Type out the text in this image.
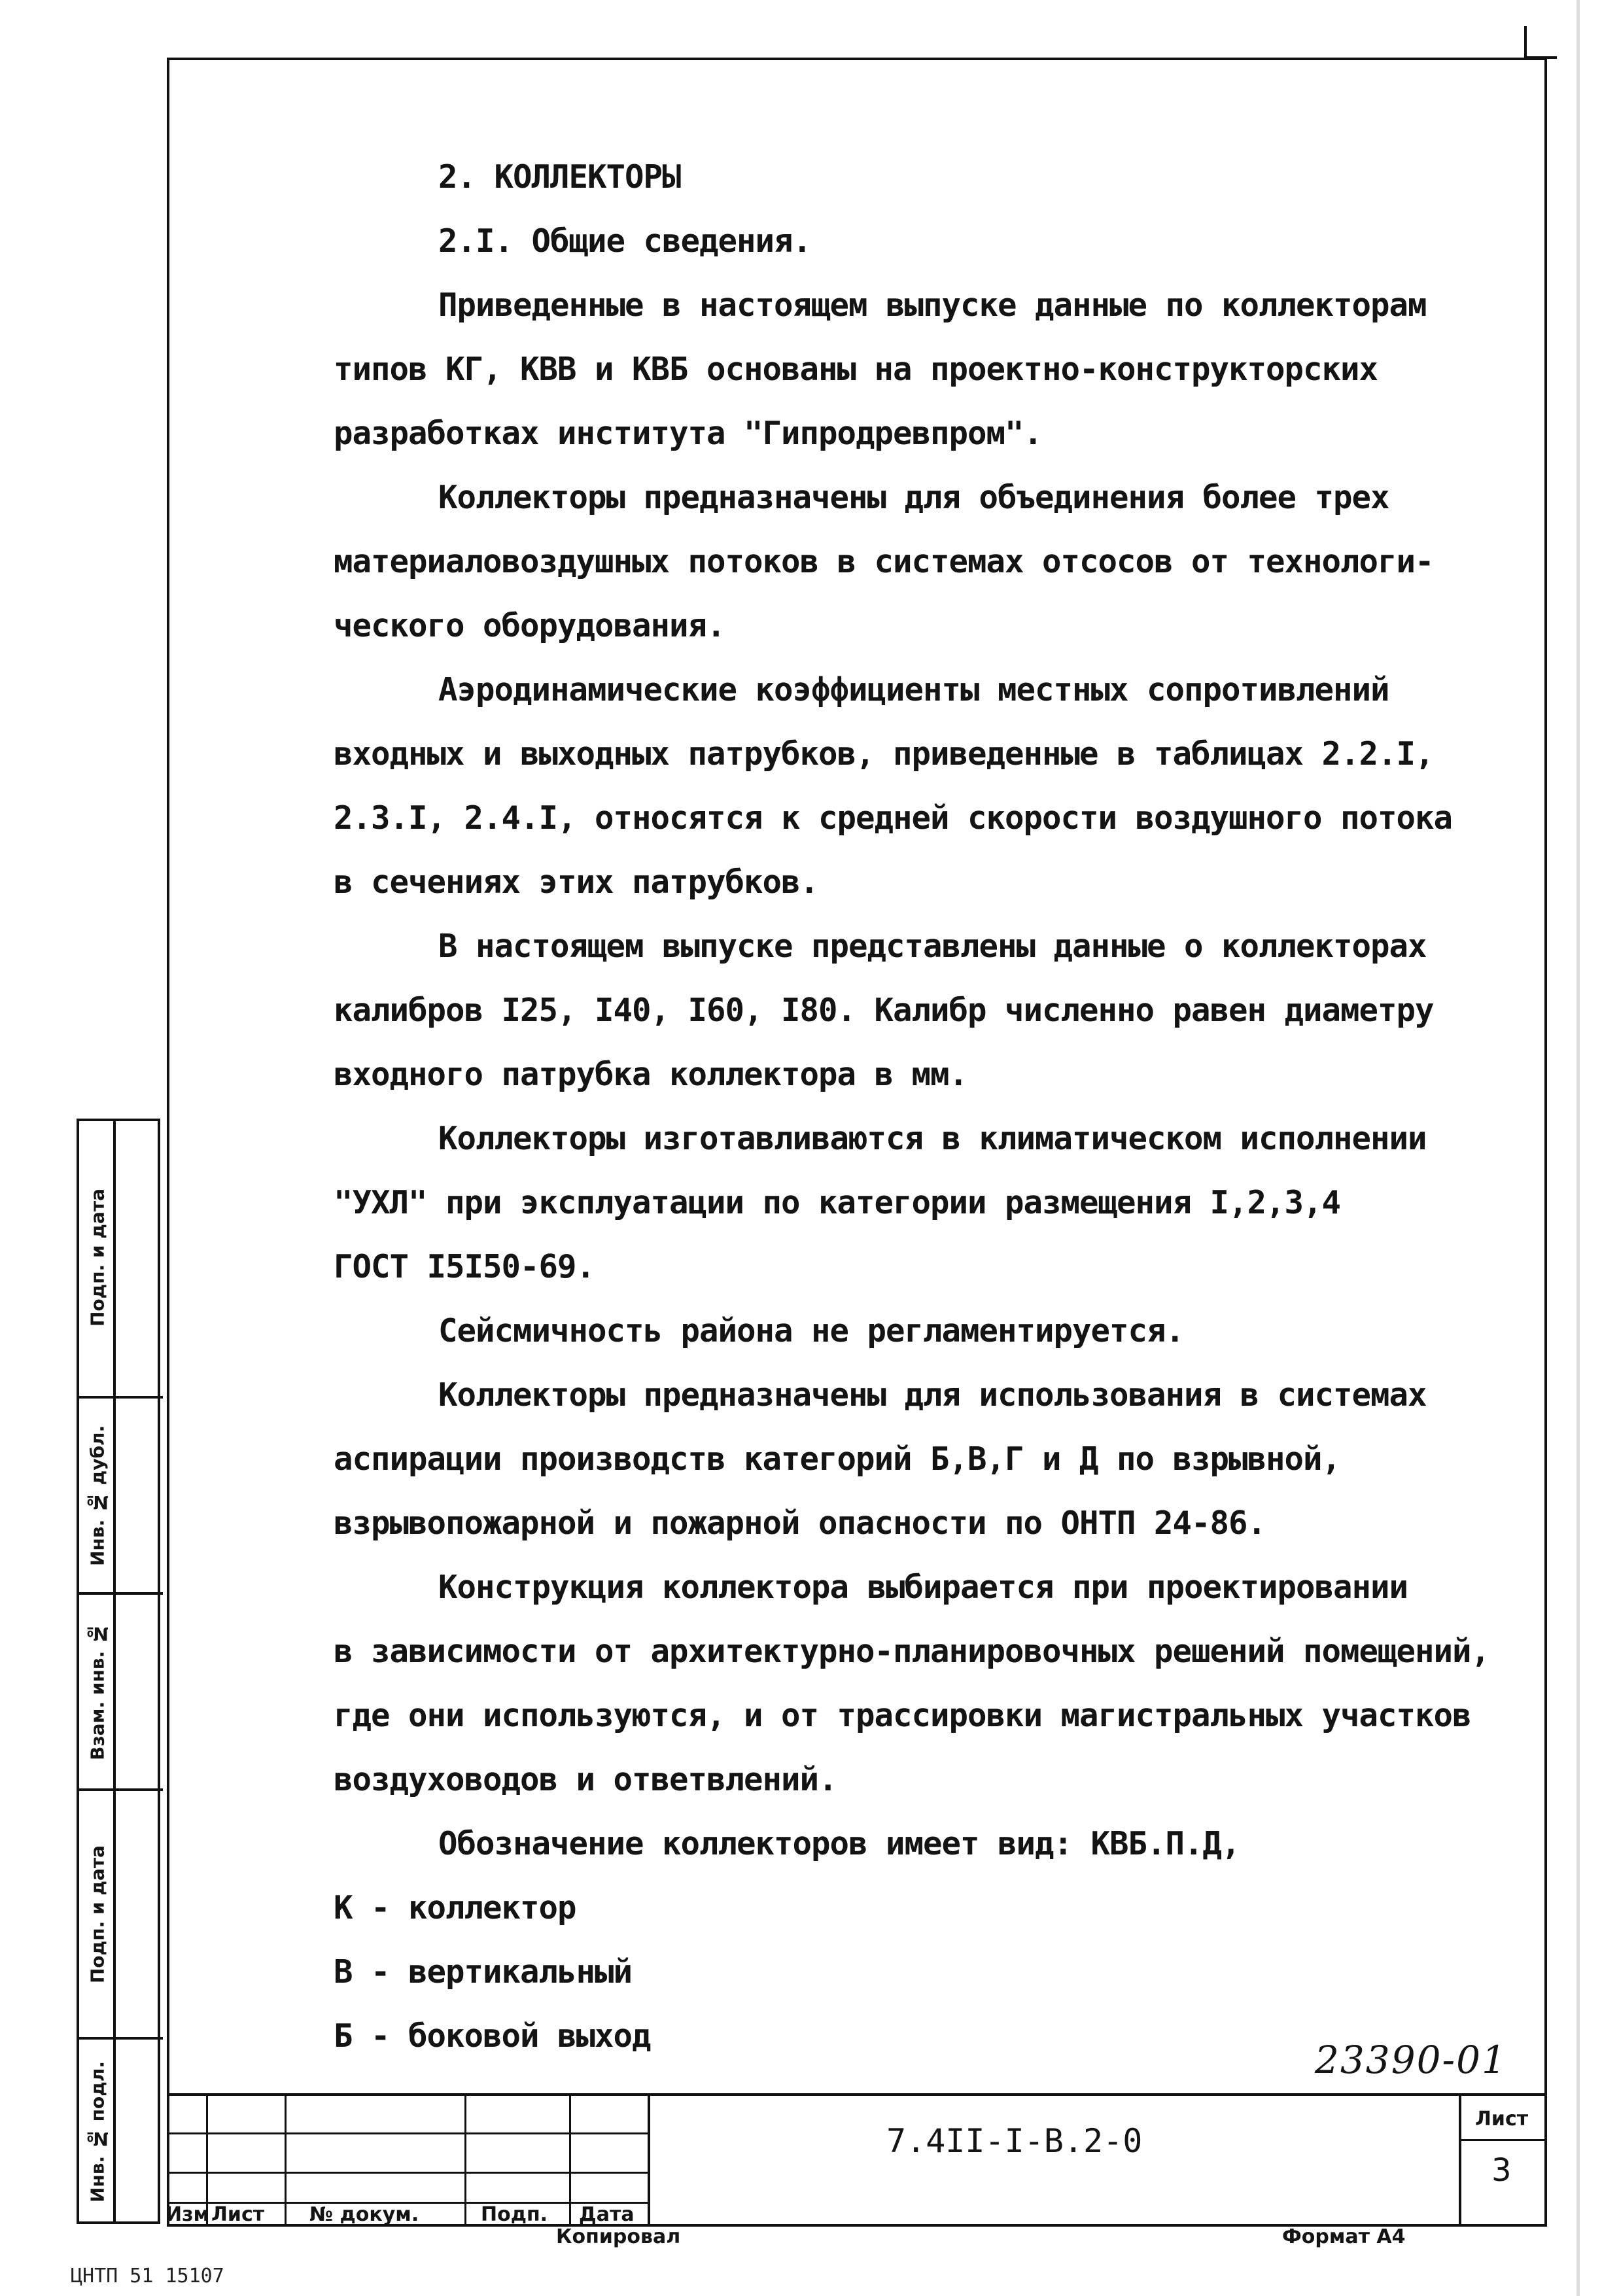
2. КОЛЛЕКТОРЫ

2.I. Общие сведения.

Приведенные в настоящем выпуске данные по коллекторам

типов КГ, КВВ и КВБ основаны на проектно-конструкторских

разработках института "Гипродревпром".

Коллекторы предназначены для объединения более трех

материаловоздушных потоков в системах отсосов от технологи-

ческого оборудования.

Аэродинамические коэффициенты местных сопротивлений

входных и выходных патрубков, приведенные в таблицах 2.2.I,

2.3.I, 2.4.I, относятся к средней скорости воздушного потока

в сечениях этих патрубков.

В настоящем выпуске представлены данные о коллекторах

калибров I25, I40, I60, I80. Калибр численно равен диаметру

входного патрубка коллектора в мм.

Коллекторы изготавливаются в климатическом исполнении

"УХЛ" при эксплуатации по категории размещения I,2,3,4

ГОСТ I5I50-69.

Сейсмичность района не регламентируется.

Коллекторы предназначены для использования в системах

аспирации производств категорий Б,В,Г и Д по взрывной,

взрывопожарной и пожарной опасности по ОНТП 24-86.

Конструкция коллектора выбирается при проектировании

в зависимости от архитектурно-планировочных решений помещений,

где они используются, и от трассировки магистральных участков

воздуховодов и ответвлений.

Обозначение коллекторов имеет вид: КВБ.П.Д,

К - коллектор

В - вертикальный

Б - боковой выход

Подп. и дата
Инв. № дубл.
Взам. инв. №
Подп. и дата
Инв. № подл.
23390-01
7.4II-I-В.2-0
Лист
3
Изм Лист № докум.	Подп. Дата
Копировал	Формат А4
ЦНТП 51 15107
